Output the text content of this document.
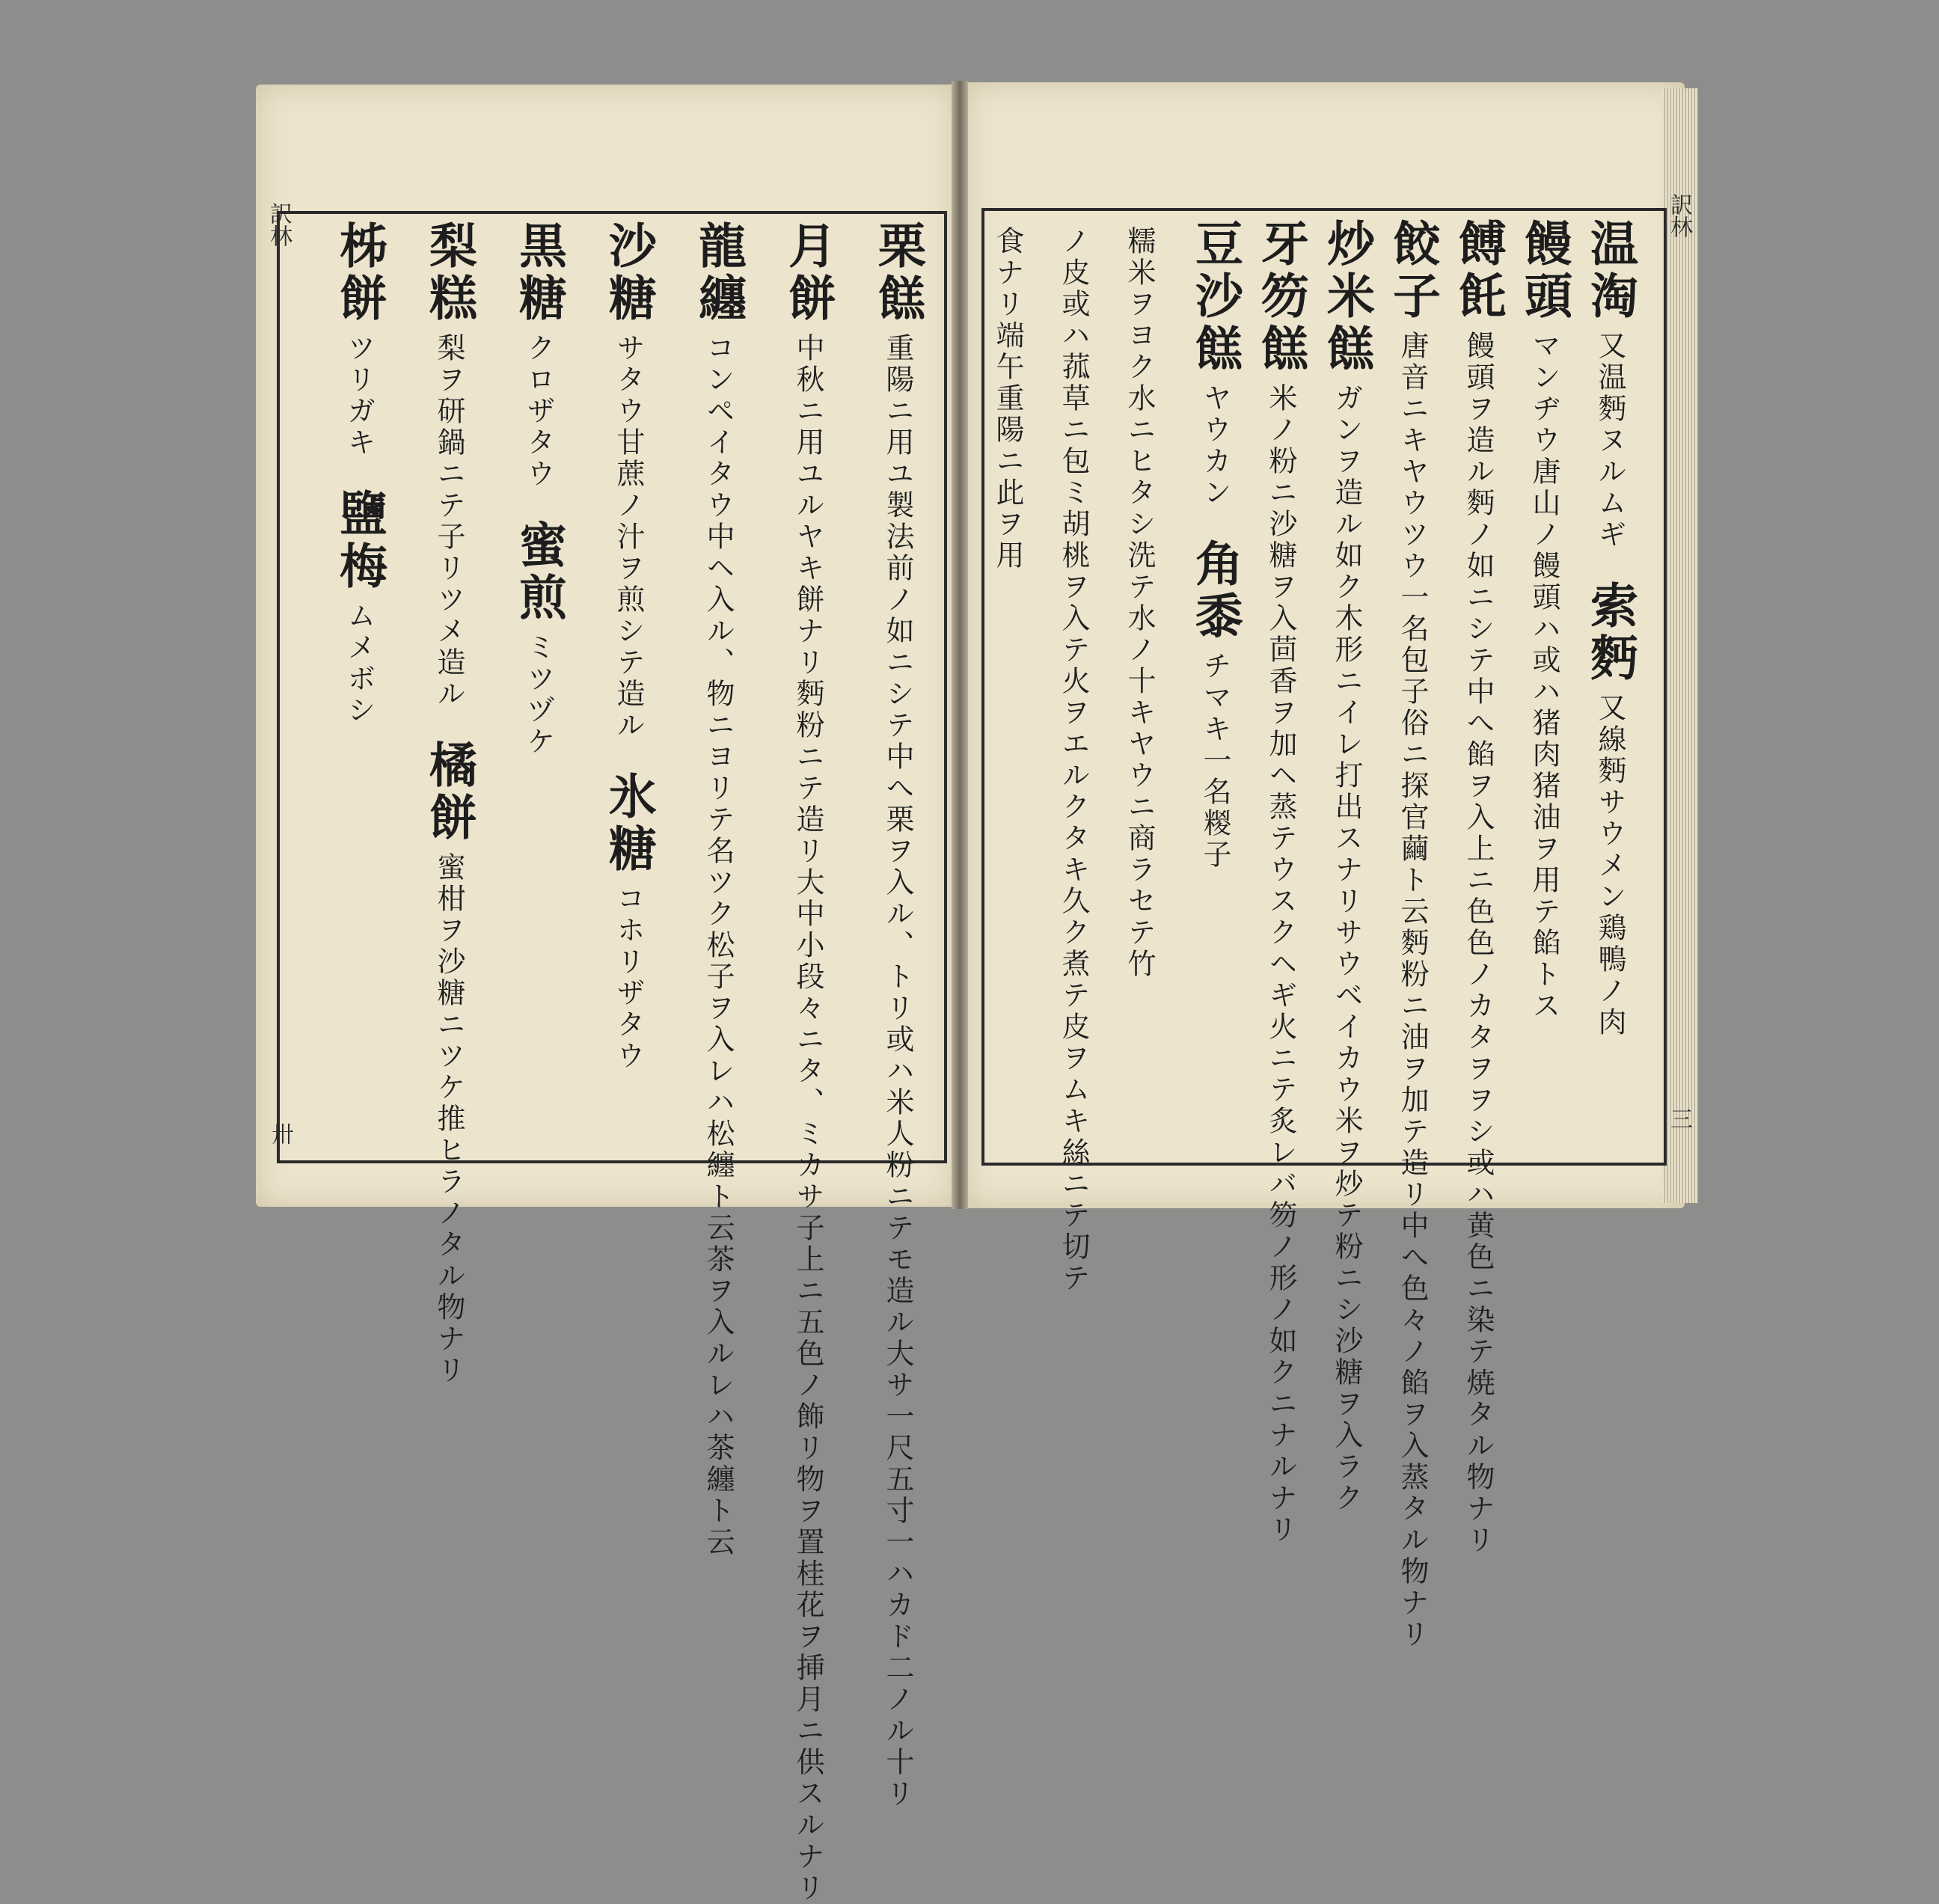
訳林
卅
訳林
三
栗餻重陽ニ用ユ製法前ノ如ニシテ中へ栗ヲ入ル、トリ或ハ米人粉ニテモ造ル大サ一尺五寸一ハカド二ノル十リ
月餅中秋ニ用ユルヤキ餅ナリ麪粉ニテ造リ大中小段々ニタ、ミカサ子上ニ五色ノ飾リ物ヲ置桂花ヲ挿月ニ供スルナリ
龍纏コンペイタウ中ヘ入ル、物ニヨリテ名ツク松子ヲ入レハ松纏ト云茶ヲ入ルレハ茶纏ト云
沙糖サタウ甘蔗ノ汁ヲ煎シテ造ル氷糖コホリザタウ
黒糖クロザタウ蜜煎ミツヅケ
梨糕梨ヲ研鍋ニテ子リツメ造ル橘餅蜜柑ヲ沙糖ニツケ推ヒラノタル物ナリ
柹餅ツリガキ鹽梅ムメボシ
温淘又温麪ヌルムギ索麪又線麪サウメン鶏鴨ノ肉
饅頭マンヂウ唐山ノ饅頭ハ或ハ猪肉猪油ヲ用テ餡トス
餺飥饅頭ヲ造ル麪ノ如ニシテ中へ餡ヲ入上ニ色色ノカタヲヲシ或ハ黄色ニ染テ焼タル物ナリ
餃子唐音ニキヤウツウ一名包子俗ニ探官繭ト云麪粉ニ油ヲ加テ造リ中へ色々ノ餡ヲ入蒸タル物ナリ
炒米餻ガンヲ造ル如ク木形ニイレ打出スナリサウベイカウ米ヲ炒テ粉ニシ沙糖ヲ入ラク
牙笏餻米ノ粉ニ沙糖ヲ入茴香ヲ加ヘ蒸テウスクヘギ火ニテ炙レバ笏ノ形ノ如クニナルナリ
豆沙餻ヤウカン角黍チマキ一名糉子
糯米ヲヨク水ニヒタシ洗テ水ノ十キヤウニ商ラセテ竹
ノ皮或ハ菰草ニ包ミ胡桃ヲ入テ火ヲエルクタキ久ク煮テ皮ヲムキ絲ニテ切テ
食ナリ端午重陽ニ此ヲ用
